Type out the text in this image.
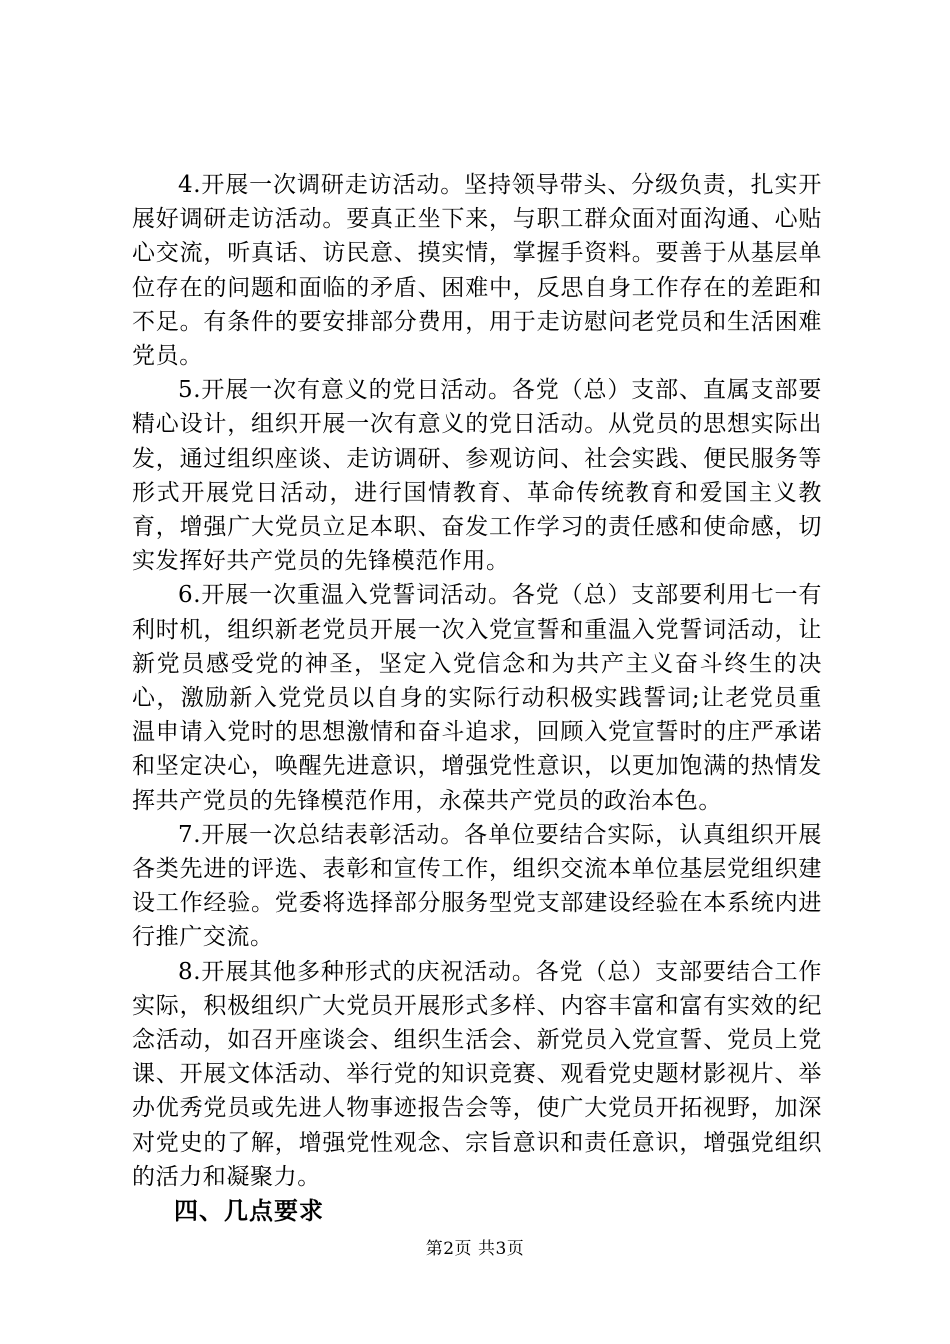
4.开展一次调研走访活动。坚持领导带头、分级负责，扎实开展好调研走访活动。要真正坐下来，与职工群众面对面沟通、心贴心交流，听真话、访民意、摸实情，掌握手资料。要善于从基层单位存在的问题和面临的矛盾、困难中，反思自身工作存在的差距和不足。有条件的要安排部分费用，用于走访慰问老党员和生活困难党员。

5.开展一次有意义的党日活动。各党（总）支部、直属支部要精心设计，组织开展一次有意义的党日活动。从党员的思想实际出发，通过组织座谈、走访调研、参观访问、社会实践、便民服务等形式开展党日活动，进行国情教育、革命传统教育和爱国主义教育，增强广大党员立足本职、奋发工作学习的责任感和使命感，切实发挥好共产党员的先锋模范作用。

6.开展一次重温入党誓词活动。各党（总）支部要利用七一有利时机，组织新老党员开展一次入党宣誓和重温入党誓词活动，让新党员感受党的神圣，坚定入党信念和为共产主义奋斗终生的决心，激励新入党党员以自身的实际行动积极实践誓词;让老党员重温申请入党时的思想激情和奋斗追求，回顾入党宣誓时的庄严承诺和坚定决心，唤醒先进意识，增强党性意识，以更加饱满的热情发挥共产党员的先锋模范作用，永葆共产党员的政治本色。

7.开展一次总结表彰活动。各单位要结合实际，认真组织开展各类先进的评选、表彰和宣传工作，组织交流本单位基层党组织建设工作经验。党委将选择部分服务型党支部建设经验在本系统内进行推广交流。

8.开展其他多种形式的庆祝活动。各党（总）支部要结合工作实际，积极组织广大党员开展形式多样、内容丰富和富有实效的纪念活动，如召开座谈会、组织生活会、新党员入党宣誓、党员上党课、开展文体活动、举行党的知识竞赛、观看党史题材影视片、举办优秀党员或先进人物事迹报告会等，使广大党员开拓视野，加深对党史的了解，增强党性观念、宗旨意识和责任意识，增强党组织的活力和凝聚力。

四、几点要求

第2页 共3页
